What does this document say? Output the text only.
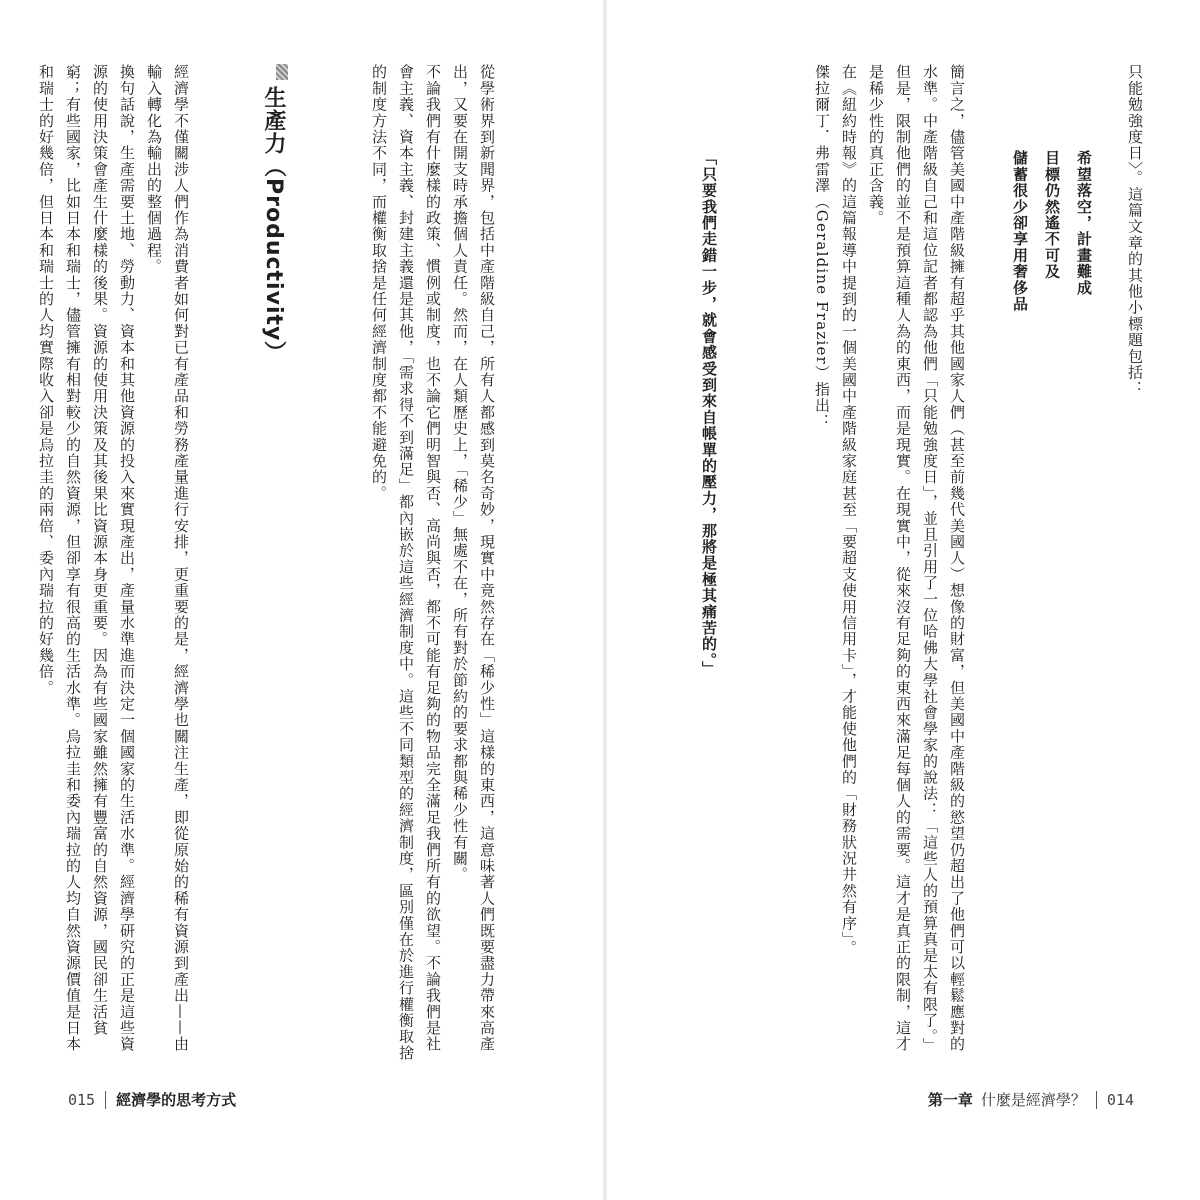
從學術界到新聞界，包括中產階級自己，所有人都感到莫名奇妙，現實中竟然存在「稀少性」這樣的東西，這意味著人們既要盡力帶來高產出，又要在開支時承擔個人責任。然而，在人類歷史上，「稀少」無處不在，所有對於節約的要求都與稀少性有關。
不論我們有什麼樣的政策、慣例或制度，也不論它們明智與否、高尚與否，都不可能有足夠的物品完全滿足我們所有的欲望。不論我們是社會主義、資本主義、封建主義還是其他，「需求得不到滿足」都內嵌於這些經濟制度中。這些不同類型的經濟制度，區別僅在於進行權衡取捨的制度方法不同，而權衡取捨是任何經濟制度都不能避免的。
生產力（Productivity）
經濟學不僅關涉人們作為消費者如何對已有產品和勞務產量進行安排，更重要的是，經濟學也關注生產，即從原始的稀有資源到產出——由輸入轉化為輸出的整個過程。
換句話說，生產需要土地、勞動力、資本和其他資源的投入來實現產出，產量水準進而決定一個國家的生活水準。經濟學研究的正是這些資源的使用決策會產生什麼樣的後果。資源的使用決策及其後果比資源本身更重要。因為有些國家雖然擁有豐富的自然資源，國民卻生活貧窮；有些國家，比如日本和瑞士，儘管擁有相對較少的自然資源，但卻享有很高的生活水準。烏拉圭和委內瑞拉的人均自然資源價值是日本和瑞士的好幾倍，但日本和瑞士的人均實際收入卻是烏拉圭的兩倍、委內瑞拉的好幾倍。
015 經濟學的思考方式
只能勉強度日〉。這篇文章的其他小標題包括：
希望落空，計畫難成
目標仍然遙不可及
儲蓄很少卻享用奢侈品
簡言之，儘管美國中產階級擁有超乎其他國家人們（甚至前幾代美國人）想像的財富，但美國中產階級的慾望仍超出了他們可以輕鬆應對的水準。中產階級自己和這位記者都認為他們「只能勉強度日」，並且引用了一位哈佛大學社會學家的說法：「這些人的預算真是太有限了。」但是，限制他們的並不是預算這種人為的東西，而是現實。在現實中，從來沒有足夠的東西來滿足每個人的需要。這才是真正的限制，這才是稀少性的真正含義。
在《紐約時報》的這篇報導中提到的一個美國中產階級家庭甚至「要超支使用信用卡」，才能使他們的「財務狀況井然有序」。
傑拉爾丁．弗雷澤（Geraldine Frazier）指出：
「只要我們走錯一步，就會感受到來自帳單的壓力，那將是極其痛苦的。」
第一章 什麼是經濟學？ 014
